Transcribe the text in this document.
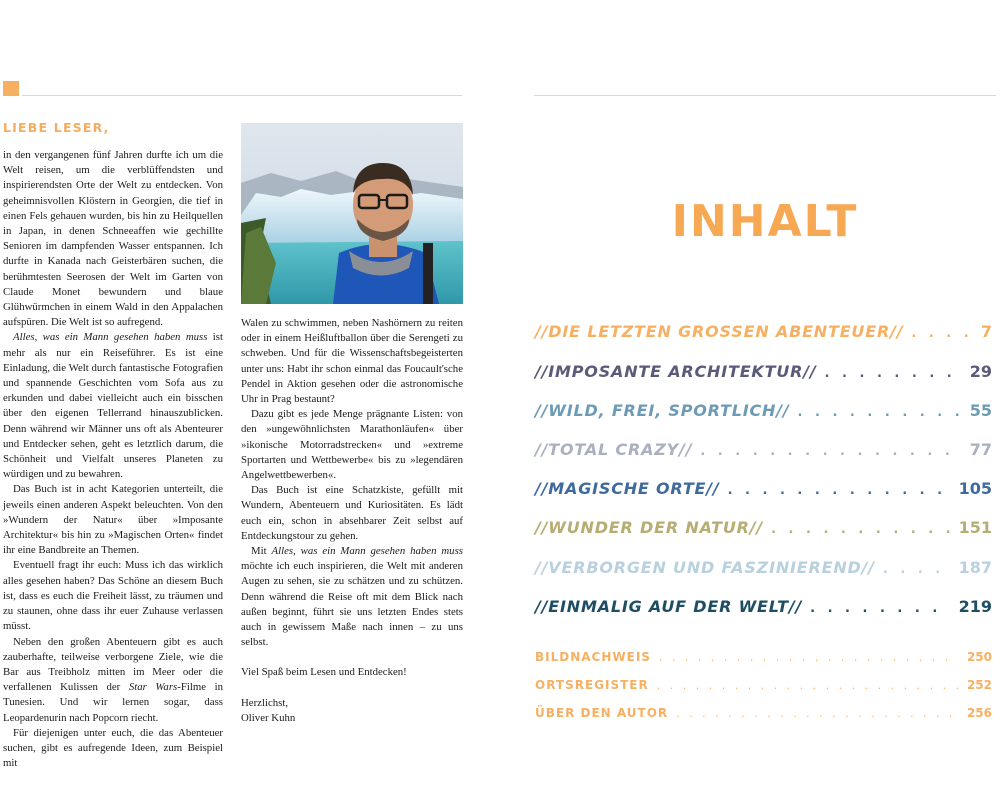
LIEBE LESER,

in den vergangenen fünf Jahren durfte ich um die Welt reisen, um die verblüffendsten und inspirierendsten Orte der Welt zu entdecken. Von geheimnisvollen Klöstern in Georgien, die tief in einen Fels gehauen wurden, bis hin zu Heilquellen in Japan, in denen Schneeaffen wie gechillte Senioren im dampfenden Wasser entspannen. Ich durfte in Kanada nach Geisterbären suchen, die berühmtesten Seerosen der Welt im Garten von Claude Monet bewundern und blaue Glühwürmchen in einem Wald in den Appalachen aufspüren. Die Welt ist so aufregend.

Alles, was ein Mann gesehen haben muss ist mehr als nur ein Reiseführer. Es ist eine Einladung, die Welt durch fantastische Fotografien und spannende Geschichten vom Sofa aus zu erkunden und dabei vielleicht auch ein bisschen über den eigenen Tellerrand hinauszublicken. Denn während wir Männer uns oft als Abenteurer und Entdecker sehen, geht es letztlich darum, die Schönheit und Vielfalt unseres Planeten zu würdigen und zu bewahren.

Das Buch ist in acht Kategorien unterteilt, die jeweils einen anderen Aspekt beleuchten. Von den »Wundern der Natur« über »Imposante Architektur« bis hin zu »Magischen Orten« findet ihr eine Bandbreite an Themen.

Eventuell fragt ihr euch: Muss ich das wirklich alles gesehen haben? Das Schöne an diesem Buch ist, dass es euch die Freiheit lässt, zu träumen und zu staunen, ohne dass ihr euer Zuhause verlassen müsst.

Neben den großen Abenteuern gibt es auch zauberhafte, teilweise verborgene Ziele, wie die Bar aus Treibholz mitten im Meer oder die verfallenen Kulissen der Star Wars-Filme in Tunesien. Und wir lernen sogar, dass Leopardenurin nach Popcorn riecht.

Für diejenigen unter euch, die das Abenteuer suchen, gibt es aufregende Ideen, zum Beispiel mit

Walen zu schwimmen, neben Nashörnern zu reiten oder in einem Heißluftballon über die Serengeti zu schweben. Und für die Wissenschaftsbegeisterten unter uns: Habt ihr schon einmal das Foucault'sche Pendel in Aktion gesehen oder die astronomische Uhr in Prag bestaunt?

Dazu gibt es jede Menge prägnante Listen: von den »ungewöhnlichsten Marathonläufen« über »ikonische Motorradstrecken« und »extreme Sportarten und Wettbewerbe« bis zu »legendären Angelwettbewerben«.

Das Buch ist eine Schatzkiste, gefüllt mit Wundern, Abenteuern und Kuriositäten. Es lädt euch ein, schon in absehbarer Zeit selbst auf Entdeckungstour zu gehen.

Mit Alles, was ein Mann gesehen haben muss möchte ich euch inspirieren, die Welt mit anderen Augen zu sehen, sie zu schätzen und zu schützen. Denn während die Reise oft mit dem Blick nach außen beginnt, führt sie uns letzten Endes stets auch in gewissem Maße nach innen – zu uns selbst.

Viel Spaß beim Lesen und Entdecken!

Herzlichst,

Oliver Kuhn

INHALT
//DIE LETZTEN GROSSEN ABENTEUER// . . .	7
//IMPOSANTE ARCHITEKTUR// . . .	29
//WILD, FREI, SPORTLICH// . . .	55
//TOTAL CRAZY// . . .	77
//MAGISCHE ORTE// . . .	105
//WUNDER DER NATUR// . . .	151
//VERBORGEN UND FASZINIEREND// . . .	187
//EINMALIG AUF DER WELT// . . .	219
BILDNACHWEIS . . .	250
ORTSREGISTER . . .	252
ÜBER DEN AUTOR . . .	256
